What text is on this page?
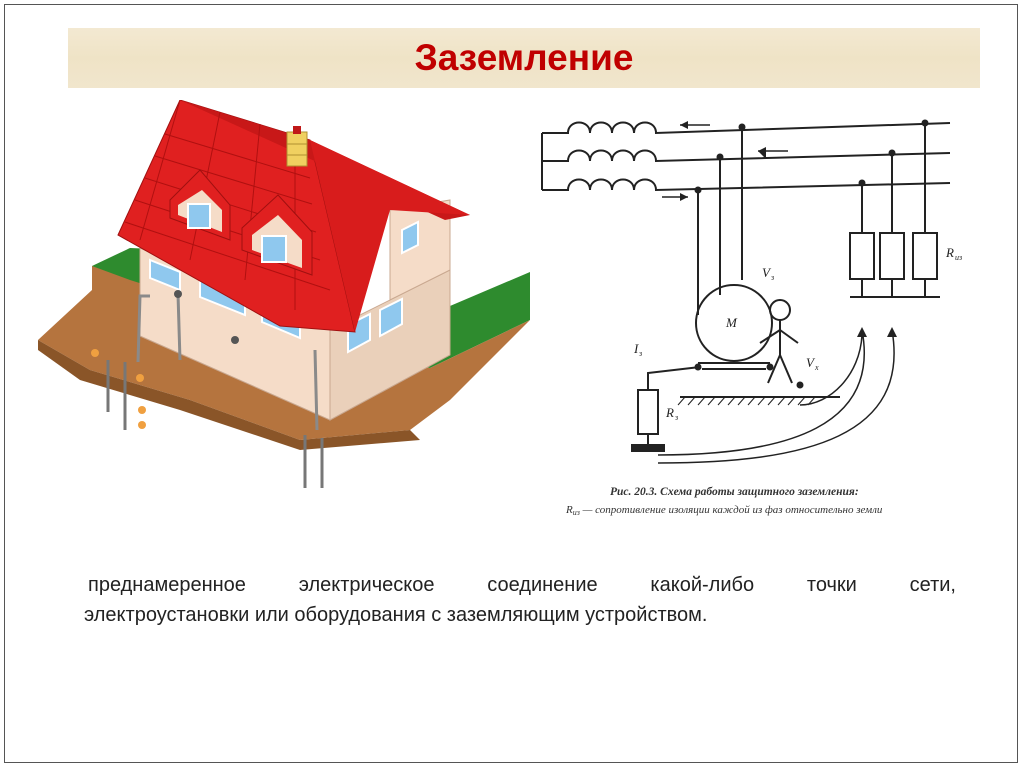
Заземление
М
V з
V х
I з
R з
R из
Рис. 20.3. Схема работы защитного заземления:
Rиз — сопротивление изоляции каждой из фаз относительно земли
преднамеренное электрическое соединение какой-либо точки сети,
электроустановки или оборудования с заземляющим устройством.
